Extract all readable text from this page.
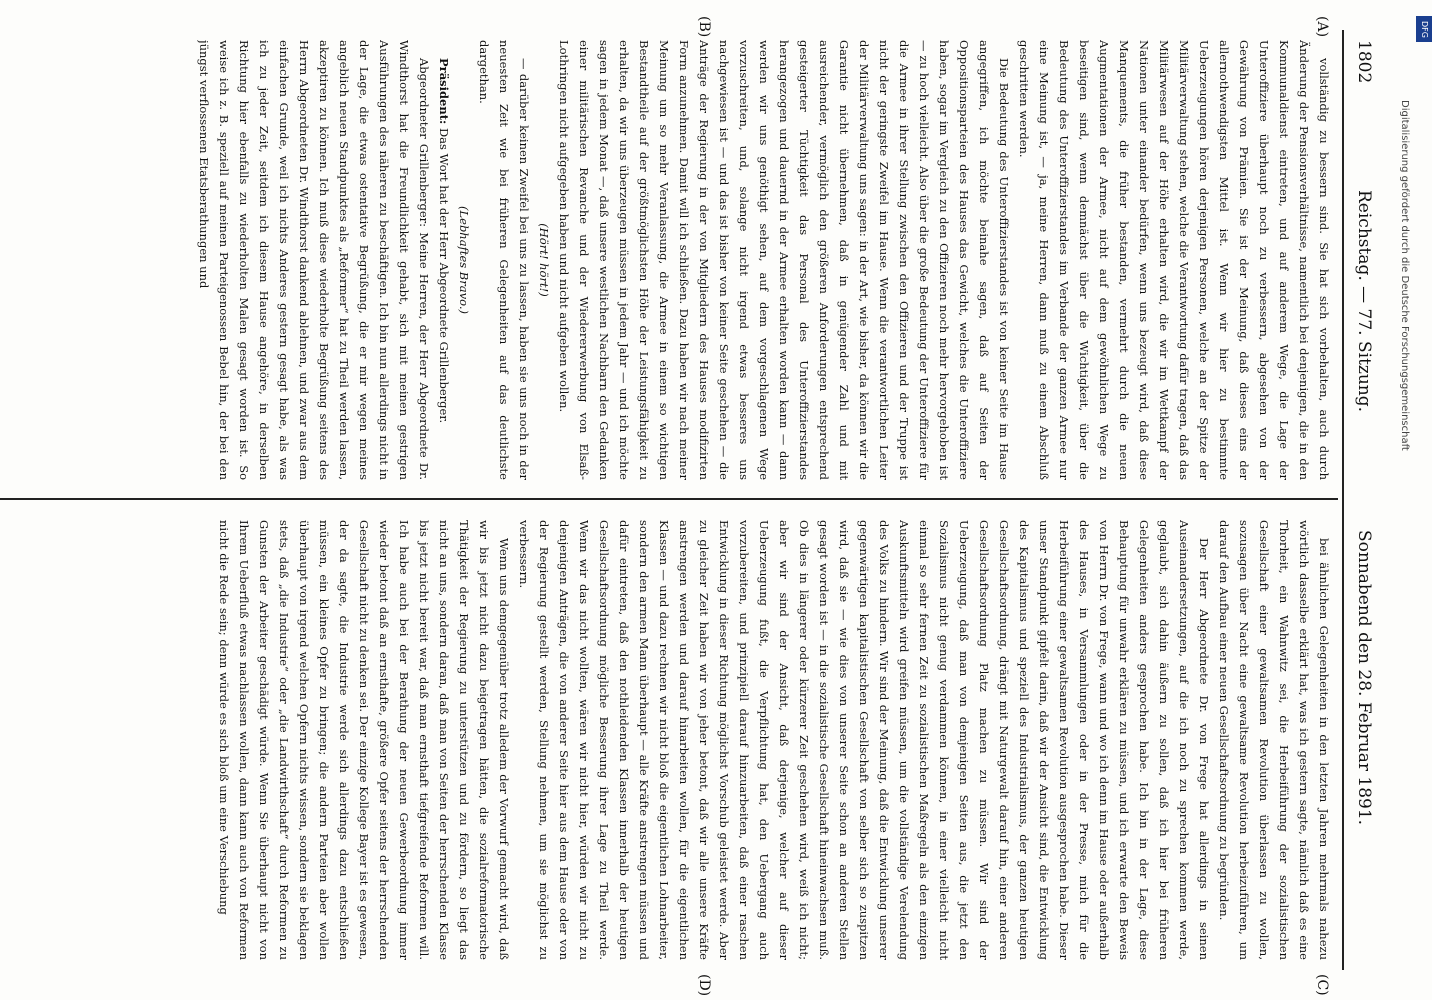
1802
Reichstag. — 77. Sitzung.
Sonnabend den 28. Februar 1891.
(A)
(B)
(C)
(D)

vollständig zu bessern sind. Sie hat sich vorbehalten, auch durch Änderung der Pensionsverhältnisse, namentlich bei denjenigen, die in den Kommunaldienst eintreten, und auf anderem Wege, die Lage der Unteroffiziere überhaupt noch zu verbessern, abgesehen von der Gewährung von Prämien. Sie ist der Meinung, daß dieses eins der allernothwendigsten Mittel ist. Wenn wir hier zu bestimmte Ueberzeugungen hören derjenigen Personen, welche an der Spitze der Militärverwaltung stehen, welche die Verantwortung dafür tragen, daß das Militärwesen auf der Höhe erhalten wird, die wir im Wettkampf der Nationen unter einander bedürfen, wenn uns bezeugt wird, daß diese Manquements, die früher bestanden, vermehrt durch die neuen Augmentationen der Armee, nicht auf dem gewöhnlichen Wege zu beseitigen sind, wenn demnächst über die Wichtigkeit, über die Bedeutung des Unteroffizierstandes im Verbande der ganzen Armee nur eine Meinung ist, — ja, meine Herren, dann muß zu einem Abschluß geschritten werden.

Die Bedeutung des Unteroffizierstandes ist von keiner Seite im Hause angegriffen, ich möchte beinahe sagen, daß auf Seiten der Oppositionsparteien des Hauses das Gewicht, welches die Unteroffiziere haben, sogar im Vergleich zu den Offizieren noch mehr hervorgehoben ist — zu hoch vielleicht. Also über die große Bedeutung der Unteroffiziere für die Armee in ihrer Stellung zwischen den Offizieren und der Truppe ist nicht der geringste Zweifel im Hause. Wenn die verantwortlichen Leiter der Militärverwaltung uns sagen: in der Art, wie bisher, da können wir die Garantie nicht übernehmen, daß in genügender Zahl und mit ausreichender, vermöglich den größeren Anforderungen entsprechend gesteigerter Tüchtigkeit das Personal des Unteroffizierstandes herangezogen und dauernd in der Armee erhalten worden kann — dann werden wir uns genöthigt sehen, auf dem vorgeschlagenen Wege vorzuschreiten, und, solange nicht irgend etwas besseres uns nachgewiesen ist — und das ist bisher von keiner Seite geschehen — die Anträge der Regierung in der von Mitgliedern des Hauses modifizirten Form anzunehmen. Damit will ich schließen. Dazu haben wir nach meiner Meinung um so mehr Veranlassung, die Armee in einem so wichtigen Bestandtheile auf der größtmöglichsten Höhe der Leistungsfähigkeit zu erhalten, da wir uns überzeugen müssen in jedem Jahr — und ich möchte sagen in jedem Monat —, daß unsere westlichen Nachbarn den Gedanken einer militärischen Revanche und der Wiedererwerbung von Elsaß-Lothringen nicht aufgegeben haben und nicht aufgeben wollen.

(Hört! hört!)

— darüber keinen Zweifel bei uns zu lassen, haben sie uns noch in der neuesten Zeit wie bei früheren Gelegenheiten auf das deutlichste dargethan.

(Lebhaftes Bravo.)

Präsident: Das Wort hat der Herr Abgeordnete Grillenberger.

Abgeordneter Grillenberger: Meine Herren, der Herr Abgeordnete Dr. Windthorst hat die Freundlichkeit gehabt, sich mit meinen gestrigen Ausführungen des näheren zu beschäftigen. Ich bin nun allerdings nicht in der Lage, die etwas ostentative Begrüßung, die er mir wegen meines angeblich neuen Standpunktes als „Reformer“ hat zu Theil werden lassen, akzeptiren zu können. Ich muß diese wiederholte Begrüßung seitens des Herrn Abgeordneten Dr. Windthorst dankend ablehnen, und zwar aus dem einfachen Grunde, weil ich nichts Anderes gestern gesagt habe, als was ich zu jeder Zeit, seitdem ich diesem Hause angehöre, in derselben Richtung hier ebenfalls zu wiederholten Malen gesagt worden ist. So weise ich z. B. speziell auf meinen Parteigenossen Bebel hin, der bei den jüngst verflossenen Etatsberathungen und

bei ähnlichen Gelegenheiten in den letzten Jahren mehrmals nahezu wörtlich dasselbe erklärt hat, was ich gestern sagte, nämlich daß es eine Thorheit, ein Wahnwitz sei, die Herbeiführung der sozialistischen Gesellschaft einer gewaltsamen Revolution überlassen zu wollen, sozusagen über Nacht eine gewaltsame Revolution herbeizuführen, um darauf den Aufbau einer neuen Gesellschaftsordnung zu begründen.

Der Herr Abgeordnete Dr. von Frege hat allerdings in seinen Auseinandersetzungen, auf die ich noch zu sprechen kommen werde, geglaubt, sich dahin äußern zu sollen, daß ich hier bei früheren Gelegenheiten anders gesprochen habe. Ich bin in der Lage, diese Behauptung für unwahr erklären zu müssen, und ich erwarte den Beweis von Herrn Dr. von Frege, wann und wo ich denn im Hause oder außerhalb des Hauses, in Versammlungen oder in der Presse, mich für die Herbeiführung einer gewaltsamen Revolution ausgesprochen habe. Dieser unser Standpunkt gipfelt darin, daß wir der Ansicht sind, die Entwicklung des Kapitalismus und speziell des Industrialismus, der ganzen heutigen Gesellschaftsordnung, drängt mit Naturgewalt darauf hin, einer anderen Gesellschaftsordnung Platz machen zu müssen. Wir sind der Ueberzeugung, daß man von demjenigen Seiten aus, die jetzt den Sozialismus nicht genug verdammen können, in einer vielleicht nicht einmal so sehr fernen Zeit zu sozialistischen Maßregeln als den einzigen Auskunftsmitteln wird greifen müssen, um die vollständige Verelendung des Volks zu hindern. Wir sind der Meinung, daß die Entwicklung unserer gegenwärtigen kapitalistischen Gesellschaft von selber sich so zuspitzen wird, daß sie — wie dies von unserer Seite schon an anderen Stellen gesagt worden ist — in die sozialistische Gesellschaft hineinwachsen muß. Ob dies in längerer oder kürzerer Zeit geschehen wird, weiß ich nicht; aber wir sind der Ansicht, daß derjenige, welcher auf dieser Ueberzeugung fußt, die Verpflichtung hat, den Uebergang auch vorzubereiten, und prinzipiell darauf hinzuarbeiten, daß einer raschen Entwicklung in dieser Richtung möglichst Vorschub geleistet werde. Aber zu gleicher Zeit haben wir von jeher betont, daß wir alle unsere Kräfte anstrengen werden und darauf hinarbeiten wollen, für die eigentlichen Klassen — und dazu rechnen wir nicht bloß die eigentlichen Lohnarbeiter, sondern den armen Mann überhaupt — alle Kräfte anstrengen müssen und dafür eintreten, daß den nothleidenden Klassen innerhalb der heutigen Gesellschaftsordnung mögliche Besserung ihrer Lage zu Theil werde. Wenn wir das nicht wollten, wären wir nicht hier, würden wir nicht zu denjenigen Anträgen, die von anderer Seite hier aus dem Hause oder von der Regierung gestellt werden, Stellung nehmen, um sie möglichst zu verbessern.

Wenn uns demgegenüber trotz alledem der Vorwurf gemacht wird, daß wir bis jetzt nicht dazu beigetragen hätten, die sozialreformatorische Thätigkeit der Regierung zu unterstützen und zu fördern, so liegt das nicht an uns, sondern daran, daß man von Seiten der herrschenden Klasse bis jetzt nicht bereit war, daß man ernsthaft tiefgreifende Reformen will. Ich habe auch bei der Berathung der neuen Gewerbeordnung immer wieder betont daß an ernsthafte, größere Opfer seitens der herrschenden Gesellschaft nicht zu denken sei. Der einzige Kollege Bayer ist es gewesen, der da sagte, die Industrie werde sich allerdings dazu entschließen müssen, ein kleines Opfer zu bringen; die andern Parteien aber wollen überhaupt von irgend welchen Opfern nichts wissen, sondern sie beklagen stets, daß „die Industrie“ oder „die Landwirthschaft“ durch Reformen zu Gunsten der Arbeiter geschädigt würde. Wenn Sie überhaupt nicht von Ihrem Ueberfluß etwas nachlassen wollen, dann kann auch von Reformen nicht die Rede sein; denn würde es sich bloß um eine Verschiebung

Digitalisierung gefördert durch die Deutsche Forschungsgemeinschaft
DFG
